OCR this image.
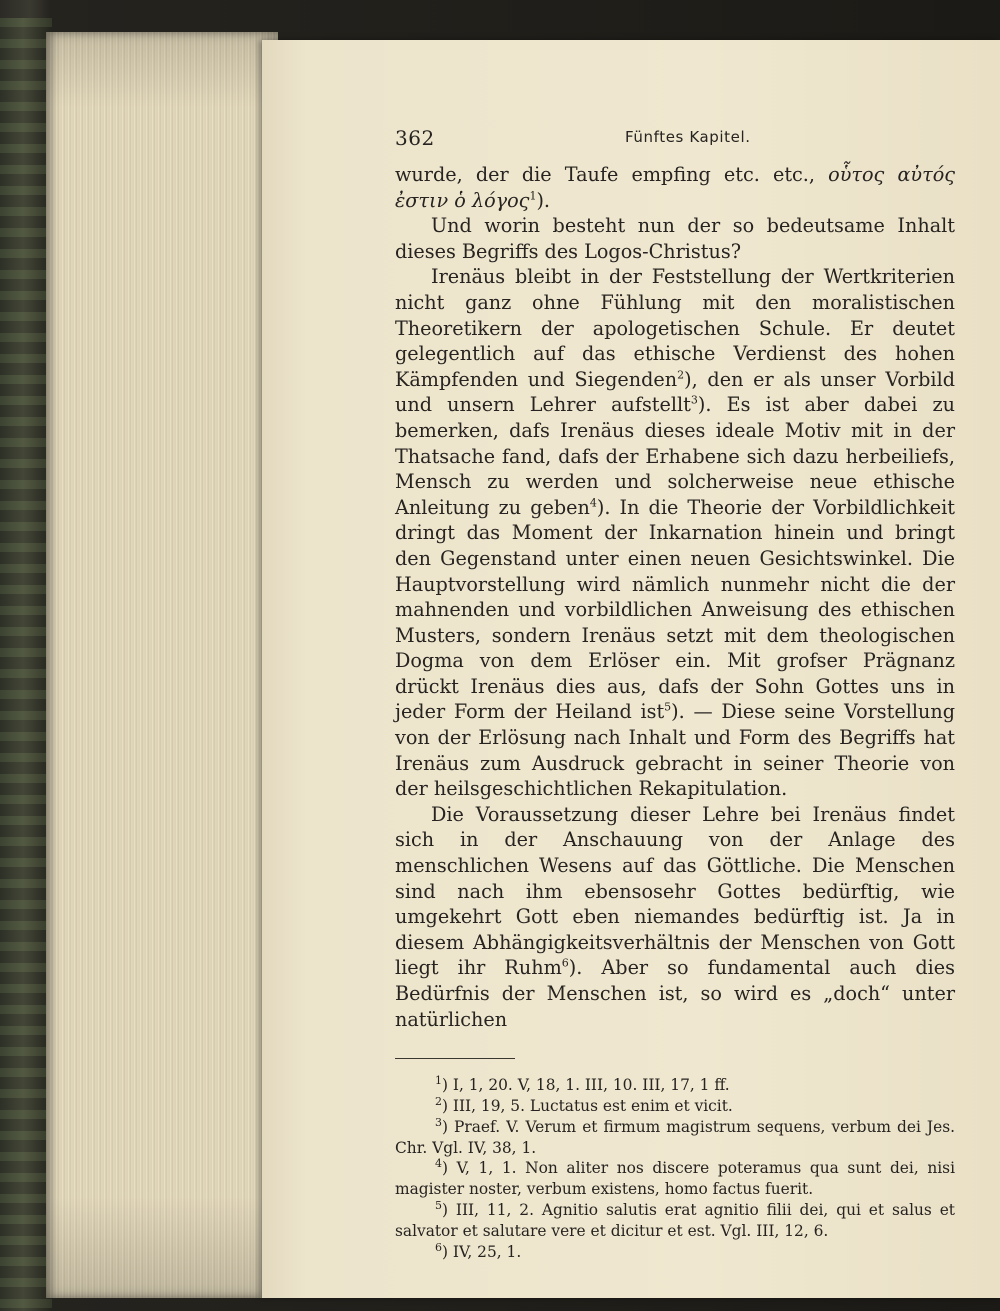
362	Fünftes Kapitel.

wurde, der die Taufe empfing etc. etc., οὗτος αὐτός ἐστιν ὁ λόγος$^1$).

Und worin besteht nun der so bedeutsame Inhalt dieses Begriffs des Logos-Christus?

Irenäus bleibt in der Feststellung der Wertkriterien nicht ganz ohne Fühlung mit den moralistischen Theoretikern der apologetischen Schule. Er deutet gelegentlich auf das ethische Verdienst des hohen Kämpfenden und Siegenden$^2$), den er als unser Vorbild und unsern Lehrer aufstellt$^3$). Es ist aber dabei zu bemerken, dafs Irenäus dieses ideale Motiv mit in der Thatsache fand, dafs der Erhabene sich dazu herbeiliefs, Mensch zu werden und solcherweise neue ethische Anleitung zu geben$^4$). In die Theorie der Vorbildlichkeit dringt das Moment der Inkarnation hinein und bringt den Gegenstand unter einen neuen Gesichtswinkel. Die Hauptvorstellung wird nämlich nunmehr nicht die der mahnenden und vorbildlichen Anweisung des ethischen Musters, sondern Irenäus setzt mit dem theologischen Dogma von dem Erlöser ein. Mit grofser Prägnanz drückt Irenäus dies aus, dafs der Sohn Gottes uns in jeder Form der Heiland ist$^5$). — Diese seine Vorstellung von der Erlösung nach Inhalt und Form des Begriffs hat Irenäus zum Ausdruck gebracht in seiner Theorie von der heilsgeschichtlichen Rekapitulation.

Die Voraussetzung dieser Lehre bei Irenäus findet sich in der Anschauung von der Anlage des menschlichen Wesens auf das Göttliche. Die Menschen sind nach ihm ebensosehr Gottes bedürftig, wie umgekehrt Gott eben niemandes bedürftig ist. Ja in diesem Abhängigkeitsverhältnis der Menschen von Gott liegt ihr Ruhm$^6$). Aber so fundamental auch dies Bedürfnis der Menschen ist, so wird es „doch“ unter natürlichen

$^1$) I, 1, 20. V, 18, 1. III, 10. III, 17, 1 ff.

$^2$) III, 19, 5. Luctatus est enim et vicit.

$^3$) Praef. V. Verum et firmum magistrum sequens, verbum dei Jes. Chr. Vgl. IV, 38, 1.

$^4$) V, 1, 1. Non aliter nos discere poteramus qua sunt dei, nisi magister noster, verbum existens, homo factus fuerit.

$^5$) III, 11, 2. Agnitio salutis erat agnitio filii dei, qui et salus et salvator et salutare vere et dicitur et est. Vgl. III, 12, 6.

$^6$) IV, 25, 1.
